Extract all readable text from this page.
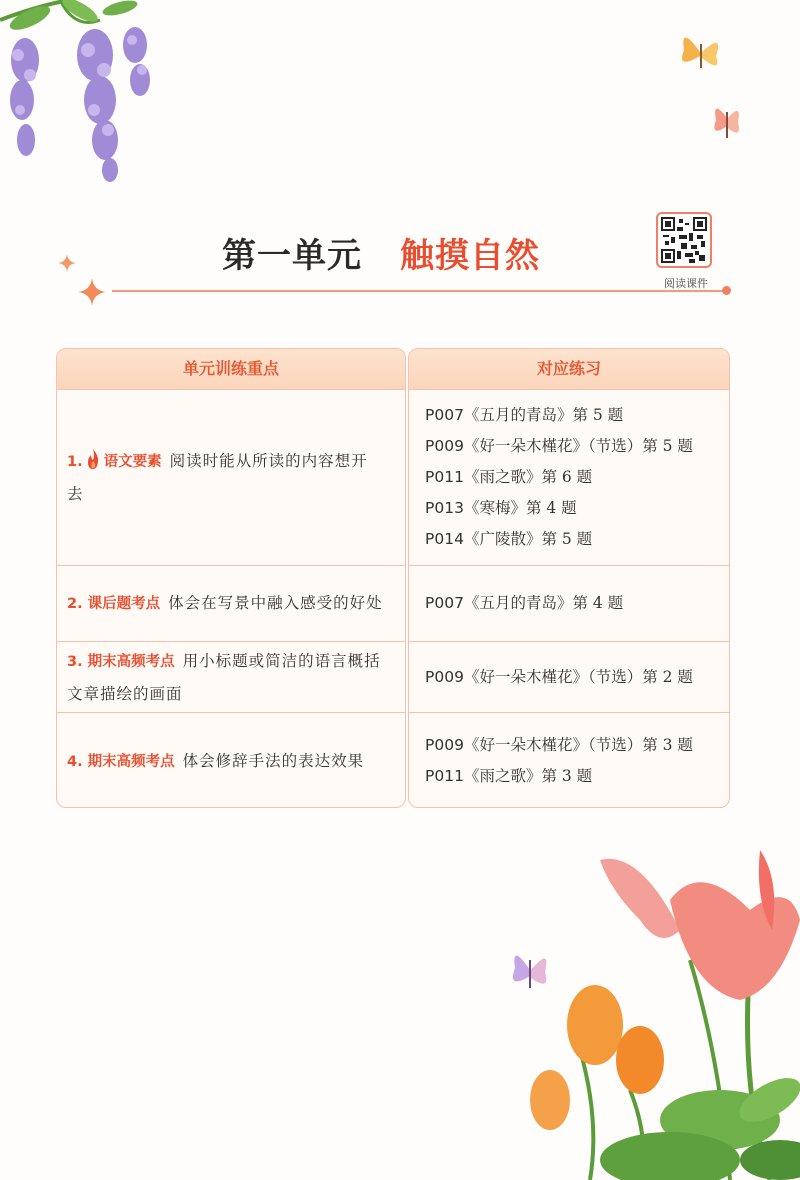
第一单元 触摸自然
阅读课件
单元训练重点
1. 语文要素 阅读时能从所读的内容想开去
2. 课后题考点 体会在写景中融入感受的好处
3. 期末高频考点 用小标题或简洁的语言概括文章描绘的画面
4. 期末高频考点 体会修辞手法的表达效果
对应练习
P007《五月的青岛》第 5 题
P009《好一朵木槿花》（节选）第 5 题
P011《雨之歌》第 6 题
P013《寒梅》第 4 题
P014《广陵散》第 5 题
P007《五月的青岛》第 4 题
P009《好一朵木槿花》（节选）第 2 题
P009《好一朵木槿花》（节选）第 3 题
P011《雨之歌》第 3 题
